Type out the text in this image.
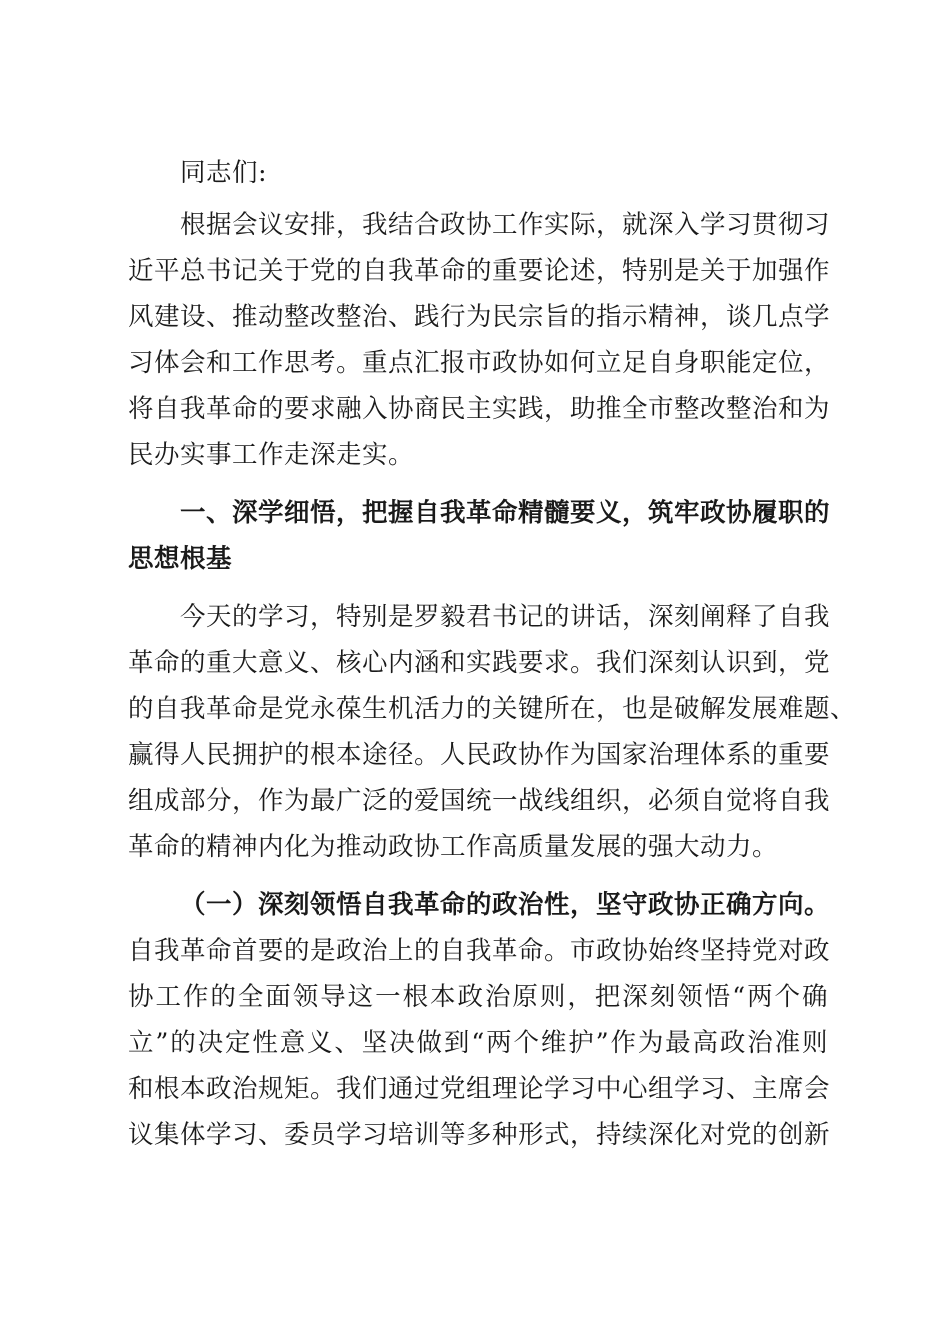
同志们:
根据会议安排，我结合政协工作实际，就深入学习贯彻习
近平总书记关于党的自我革命的重要论述，特别是关于加强作
风建设、推动整改整治、践行为民宗旨的指示精神，谈几点学
习体会和工作思考。重点汇报市政协如何立足自身职能定位，
将自我革命的要求融入协商民主实践，助推全市整改整治和为
民办实事工作走深走实。
一、深学细悟，把握自我革命精髓要义，筑牢政协履职的
思想根基
今天的学习，特别是罗毅君书记的讲话，深刻阐释了自我
革命的重大意义、核心内涵和实践要求。我们深刻认识到，党
的自我革命是党永葆生机活力的关键所在，也是破解发展难题、
赢得人民拥护的根本途径。人民政协作为国家治理体系的重要
组成部分，作为最广泛的爱国统一战线组织，必须自觉将自我
革命的精神内化为推动政协工作高质量发展的强大动力。
（一）深刻领悟自我革命的政治性，坚守政协正确方向。
自我革命首要的是政治上的自我革命。市政协始终坚持党对政
协工作的全面领导这一根本政治原则，把深刻领悟“两个确
立”的决定性意义、坚决做到“两个维护”作为最高政治准则
和根本政治规矩。我们通过党组理论学习中心组学习、主席会
议集体学习、委员学习培训等多种形式，持续深化对党的创新
